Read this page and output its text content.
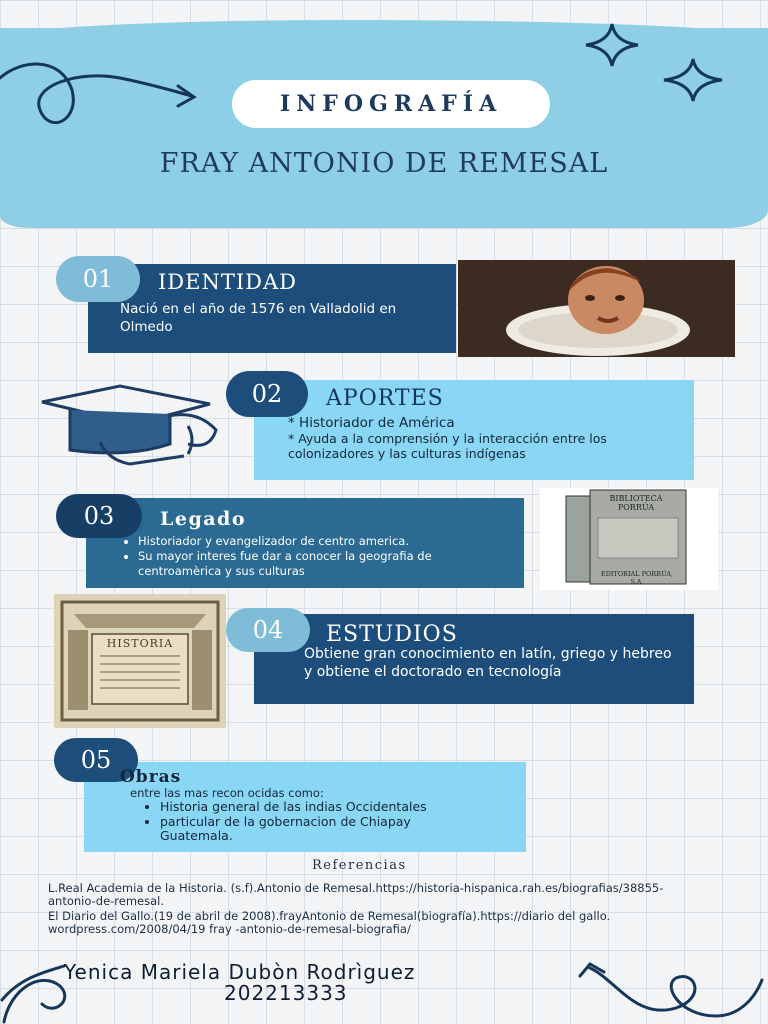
INFOGRAFÍA
FRAY ANTONIO DE REMESAL
01	IDENTIDAD
Nació en el año de 1576 en Valladolid en Olmedo
02	APORTES
* Historiador de América
* Ayuda a la comprensión y la interacción entre los colonizadores y las culturas indígenas
03	Legado
• Historiador y evangelizador de centro america.
• Su mayor interes fue dar a conocer la geografia de centroamèrica y sus culturas
BIBLIOTECA PORRÚA
EDITORIAL PORRÚA, S.A.
HISTORIA	04	ESTUDIOS
Obtiene gran conocimiento en latín, griego y hebreo y obtiene el doctorado en tecnología
05
Obras
entre las mas recon ocidas como:
• Historia general de las indias Occidentales
• particular de la gobernacion de Chiapay Guatemala.
Referencias
L.Real Academia de la Historia. (s.f).Antonio de Remesal.https://historia-hispanica.rah.es/biografias/38855-antonio-de-remesal.
El Diario del Gallo.(19 de abril de 2008).frayAntonio de Remesal(biografía).https://diario del gallo. wordpress.com/2008/04/19 fray -antonio-de-remesal-biografia/
Yenica Mariela Dubòn Rodrìguez
202213333
